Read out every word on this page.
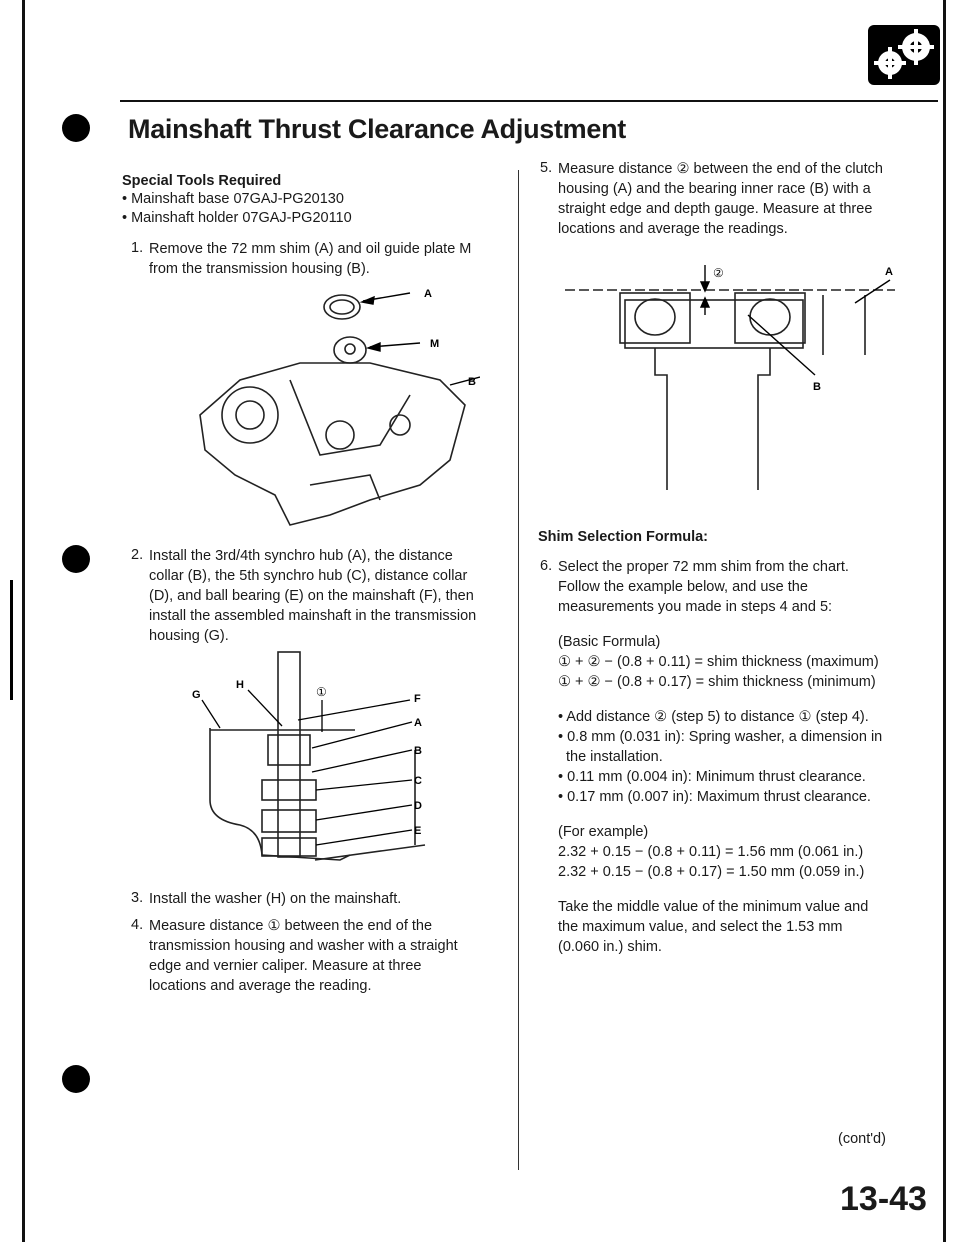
Mainshaft Thrust Clearance Adjustment
Special Tools Required
• Mainshaft base 07GAJ-PG20130
• Mainshaft holder 07GAJ-PG20110
1. Remove the 72 mm shim (A) and oil guide plate M
from the transmission housing (B).
A
M
B
2. Install the 3rd/4th synchro hub (A), the distance
collar (B), the 5th synchro hub (C), distance collar
(D), and ball bearing (E) on the mainshaft (F), then
install the assembled mainshaft in the transmission
housing (G).
G
H	①	F
A
B
C
D
E
3. Install the washer (H) on the mainshaft.
4. Measure distance ① between the end of the
transmission housing and washer with a straight
edge and vernier caliper. Measure at three
locations and average the reading.
5. Measure distance ② between the end of the clutch
housing (A) and the bearing inner race (B) with a
straight edge and depth gauge. Measure at three
locations and average the readings.
②	A
B
Shim Selection Formula:
6. Select the proper 72 mm shim from the chart.
Follow the example below, and use the
measurements you made in steps 4 and 5:
(Basic Formula)
① + ② − (0.8 + 0.11) = shim thickness (maximum)
① + ② − (0.8 + 0.17) = shim thickness (minimum)
• Add distance ② (step 5) to distance ① (step 4).
• 0.8 mm (0.031 in): Spring washer, a dimension in
the installation.
• 0.11 mm (0.004 in): Minimum thrust clearance.
• 0.17 mm (0.007 in): Maximum thrust clearance.
(For example)
2.32 + 0.15 − (0.8 + 0.11) = 1.56 mm (0.061 in.)
2.32 + 0.15 − (0.8 + 0.17) = 1.50 mm (0.059 in.)
Take the middle value of the minimum value and
the maximum value, and select the 1.53 mm
(0.060 in.) shim.
(cont'd)
13-43
